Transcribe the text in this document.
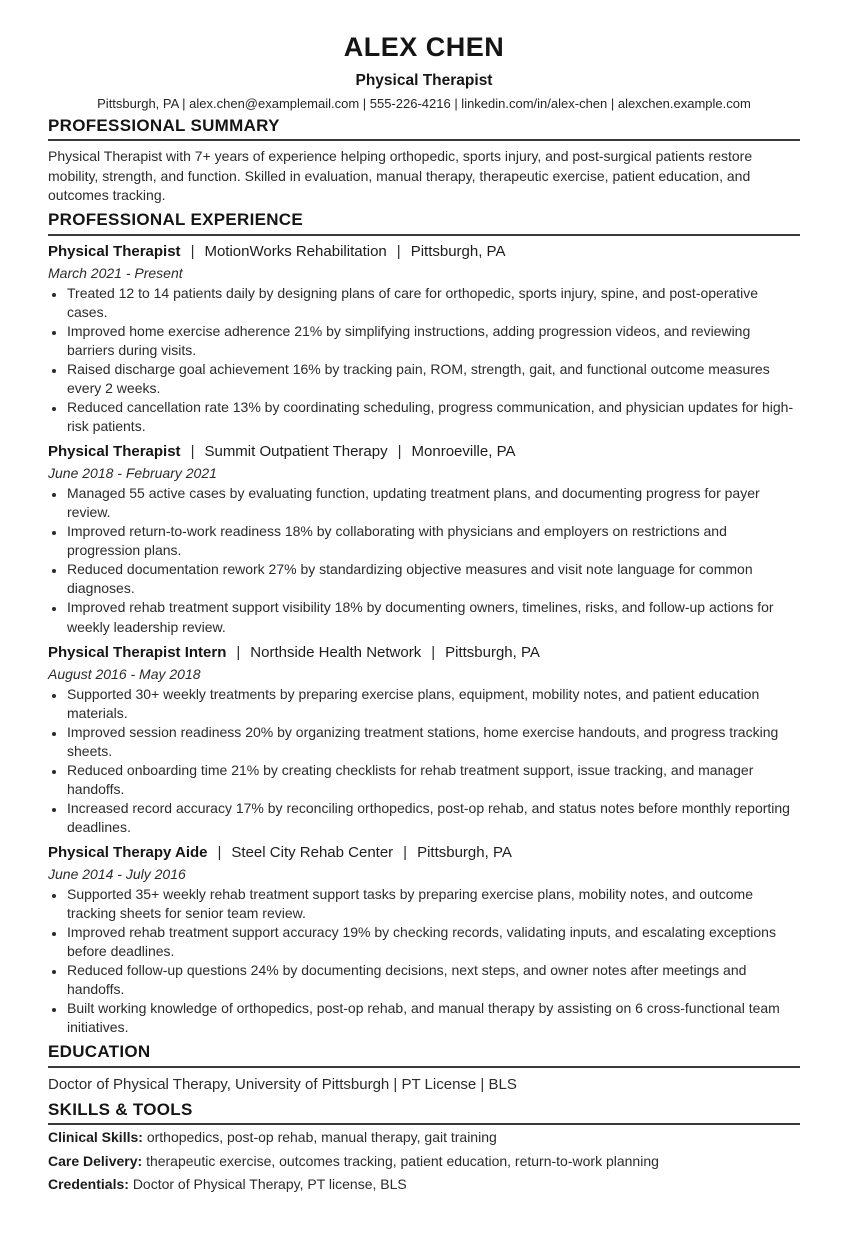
ALEX CHEN
Physical Therapist
Pittsburgh, PA | alex.chen@examplemail.com | 555-226-4216 | linkedin.com/in/alex-chen | alexchen.example.com
PROFESSIONAL SUMMARY

Physical Therapist with 7+ years of experience helping orthopedic, sports injury, and post-surgical patients restore mobility, strength, and function. Skilled in evaluation, manual therapy, therapeutic exercise, patient education, and outcomes tracking.

PROFESSIONAL EXPERIENCE
Physical Therapist | MotionWorks Rehabilitation | Pittsburgh, PA
March 2021 - Present
• Treated 12 to 14 patients daily by designing plans of care for orthopedic, sports injury, spine, and post-operative cases.
• Improved home exercise adherence 21% by simplifying instructions, adding progression videos, and reviewing barriers during visits.
• Raised discharge goal achievement 16% by tracking pain, ROM, strength, gait, and functional outcome measures every 2 weeks.
• Reduced cancellation rate 13% by coordinating scheduling, progress communication, and physician updates for high-risk patients.
Physical Therapist | Summit Outpatient Therapy | Monroeville, PA
June 2018 - February 2021
• Managed 55 active cases by evaluating function, updating treatment plans, and documenting progress for payer review.
• Improved return-to-work readiness 18% by collaborating with physicians and employers on restrictions and progression plans.
• Reduced documentation rework 27% by standardizing objective measures and visit note language for common diagnoses.
• Improved rehab treatment support visibility 18% by documenting owners, timelines, risks, and follow-up actions for weekly leadership review.
Physical Therapist Intern | Northside Health Network | Pittsburgh, PA
August 2016 - May 2018
• Supported 30+ weekly treatments by preparing exercise plans, equipment, mobility notes, and patient education materials.
• Improved session readiness 20% by organizing treatment stations, home exercise handouts, and progress tracking sheets.
• Reduced onboarding time 21% by creating checklists for rehab treatment support, issue tracking, and manager handoffs.
• Increased record accuracy 17% by reconciling orthopedics, post-op rehab, and status notes before monthly reporting deadlines.
Physical Therapy Aide | Steel City Rehab Center | Pittsburgh, PA
June 2014 - July 2016
• Supported 35+ weekly rehab treatment support tasks by preparing exercise plans, mobility notes, and outcome tracking sheets for senior team review.
• Improved rehab treatment support accuracy 19% by checking records, validating inputs, and escalating exceptions before deadlines.
• Reduced follow-up questions 24% by documenting decisions, next steps, and owner notes after meetings and handoffs.
• Built working knowledge of orthopedics, post-op rehab, and manual therapy by assisting on 6 cross-functional team initiatives.
EDUCATION

Doctor of Physical Therapy, University of Pittsburgh | PT License | BLS

SKILLS & TOOLS

Clinical Skills: orthopedics, post-op rehab, manual therapy, gait training

Care Delivery: therapeutic exercise, outcomes tracking, patient education, return-to-work planning

Credentials: Doctor of Physical Therapy, PT license, BLS
